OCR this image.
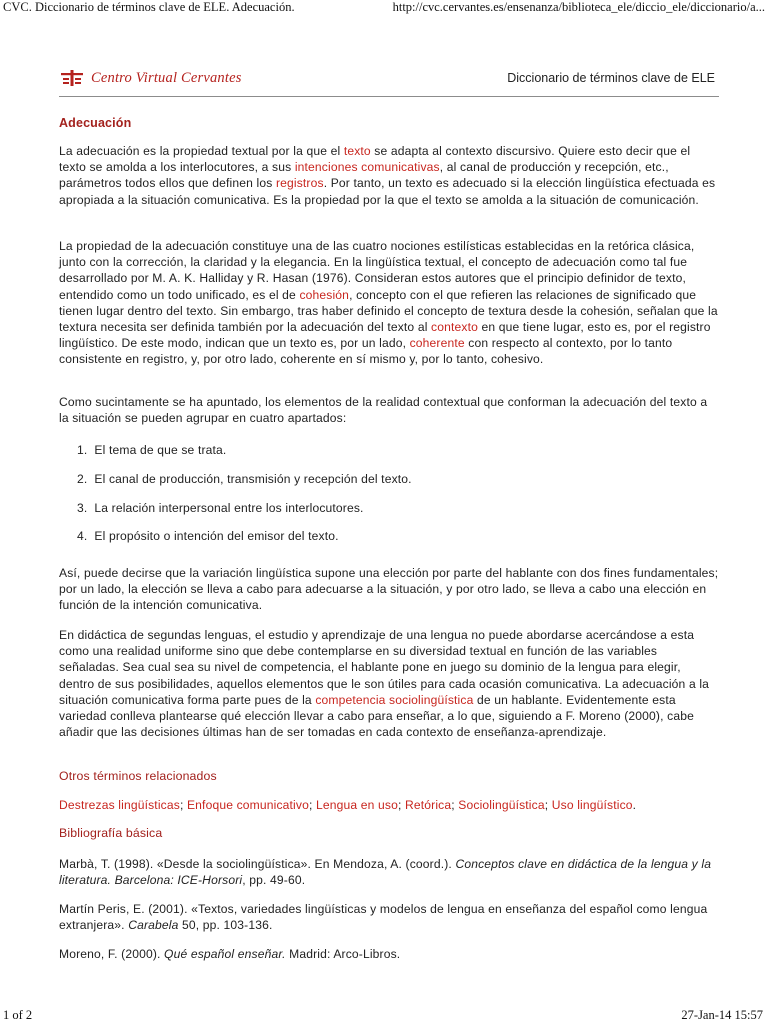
CVC. Diccionario de términos clave de ELE. Adecuación.	http://cvc.cervantes.es/ensenanza/biblioteca_ele/diccio_ele/diccionario/a...
Centro Virtual Cervantes	Diccionario de términos clave de ELE
Adecuación

La adecuación es la propiedad textual por la que el texto se adapta al contexto discursivo. Quiere esto decir que el texto se amolda a los interlocutores, a sus intenciones comunicativas, al canal de producción y recepción, etc., parámetros todos ellos que definen los registros. Por tanto, un texto es adecuado si la elección lingüística efectuada es apropiada a la situación comunicativa. Es la propiedad por la que el texto se amolda a la situación de comunicación.

La propiedad de la adecuación constituye una de las cuatro nociones estilísticas establecidas en la retórica clásica, junto con la corrección, la claridad y la elegancia. En la lingüística textual, el concepto de adecuación como tal fue desarrollado por M. A. K. Halliday y R. Hasan (1976). Consideran estos autores que el principio definidor de texto, entendido como un todo unificado, es el de cohesión, concepto con el que refieren las relaciones de significado que tienen lugar dentro del texto. Sin embargo, tras haber definido el concepto de textura desde la cohesión, señalan que la textura necesita ser definida también por la adecuación del texto al contexto en que tiene lugar, esto es, por el registro lingüístico. De este modo, indican que un texto es, por un lado, coherente con respecto al contexto, por lo tanto consistente en registro, y, por otro lado, coherente en sí mismo y, por lo tanto, cohesivo.

Como sucintamente se ha apuntado, los elementos de la realidad contextual que conforman la adecuación del texto a la situación se pueden agrupar en cuatro apartados:

1.  El tema de que se trata.
2.  El canal de producción, transmisión y recepción del texto.
3.  La relación interpersonal entre los interlocutores.
4.  El propósito o intención del emisor del texto.

Así, puede decirse que la variación lingüística supone una elección por parte del hablante con dos fines fundamentales; por un lado, la elección se lleva a cabo para adecuarse a la situación, y por otro lado, se lleva a cabo una elección en función de la intención comunicativa.

En didáctica de segundas lenguas, el estudio y aprendizaje de una lengua no puede abordarse acercándose a esta como una realidad uniforme sino que debe contemplarse en su diversidad textual en función de las variables señaladas. Sea cual sea su nivel de competencia, el hablante pone en juego su dominio de la lengua para elegir, dentro de sus posibilidades, aquellos elementos que le son útiles para cada ocasión comunicativa. La adecuación a la situación comunicativa forma parte pues de la competencia sociolingüística de un hablante. Evidentemente esta variedad conlleva plantearse qué elección llevar a cabo para enseñar, a lo que, siguiendo a F. Moreno (2000), cabe añadir que las decisiones últimas han de ser tomadas en cada contexto de enseñanza-aprendizaje.

Otros términos relacionados
Destrezas lingüísticas; Enfoque comunicativo; Lengua en uso; Retórica; Sociolingüística; Uso lingüístico.
Bibliografía básica

Marbà, T. (1998). «Desde la sociolingüística». En Mendoza, A. (coord.). Conceptos clave en didáctica de la lengua y la literatura. Barcelona: ICE-Horsori, pp. 49-60.

Martín Peris, E. (2001). «Textos, variedades lingüísticas y modelos de lengua en enseñanza del español como lengua extranjera». Carabela 50, pp. 103-136.

Moreno, F. (2000). Qué español enseñar. Madrid: Arco-Libros.

1 of 2	27-Jan-14 15:57
